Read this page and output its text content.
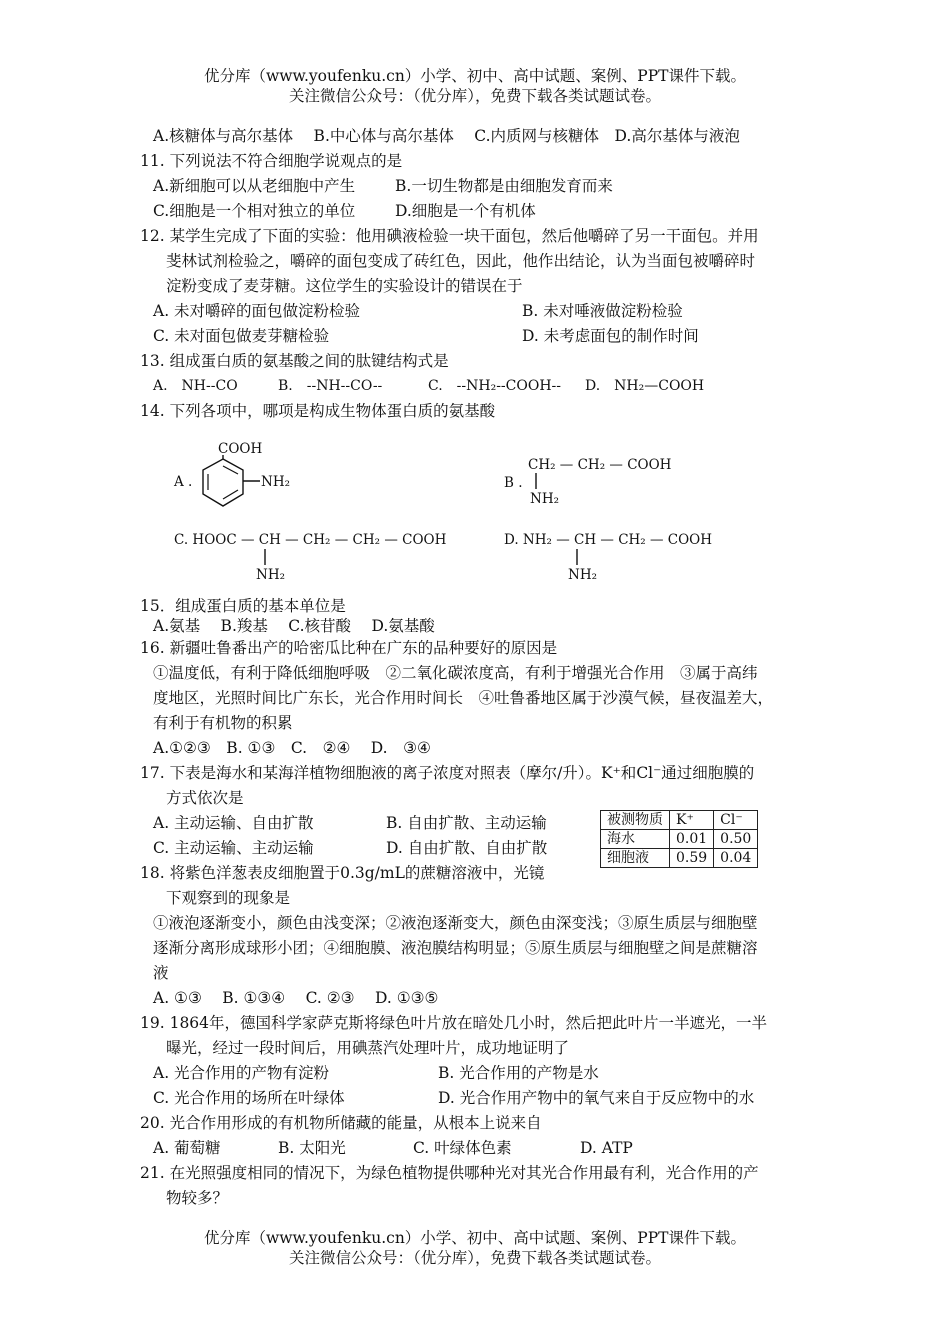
优分库（www.youfenku.cn）小学、初中、高中试题、案例、PPT课件下载。
关注微信公众号：（优分库），免费下载各类试题试卷。
A.核糖体与高尔基体　 B.中心体与高尔基体　 C.内质网与核糖体　D.高尔基体与液泡
11. 下列说法不符合细胞学说观点的是
A.新细胞可以从老细胞中产生	B.一切生物都是由细胞发育而来
C.细胞是一个相对独立的单位	D.细胞是一个有机体
12. 某学生完成了下面的实验：他用碘液检验一块干面包，然后他嚼碎了另一干面包。并用
斐林试剂检验之，嚼碎的面包变成了砖红色，因此，他作出结论，认为当面包被嚼碎时
淀粉变成了麦芽糖。这位学生的实验设计的错误在于
A. 未对嚼碎的面包做淀粉检验	B. 未对唾液做淀粉检验
C. 未对面包做麦芽糖检验	D. 未考虑面包的制作时间
13. 组成蛋白质的氨基酸之间的肽键结构式是
A.　NH--CO	B.　--NH--CO--	C.　--NH₂--COOH-- D.　NH₂—COOH
14. 下列各项中，哪项是构成生物体蛋白质的氨基酸
A .
COOH
NH₂	B .
CH₂ — CH₂ — COOH
NH₂
C. HOOC — CH — CH₂ — CH₂ — COOH
NH₂
D. NH₂ — CH — CH₂ — COOH
NH₂
15．组成蛋白质的基本单位是
A.氨基　 B.羧基　 C.核苷酸　 D.氨基酸
16. 新疆吐鲁番出产的哈密瓜比种在广东的品种要好的原因是
①温度低，有利于降低细胞呼吸　②二氧化碳浓度高，有利于增强光合作用　③属于高纬
度地区，光照时间比广东长，光合作用时间长　④吐鲁番地区属于沙漠气候，昼夜温差大，
有利于有机物的积累
A.①②③　B. ①③　C.　②④　 D.　③④
17. 下表是海水和某海洋植物细胞液的离子浓度对照表（摩尔/升）。K⁺和Cl⁻通过细胞膜的
方式依次是
A. 主动运输、自由扩散	B. 自由扩散、主动运输
C. 主动运输、主动运输	D. 自由扩散、自由扩散
被测物质	K⁺	Cl⁻
海水	0.01	0.50
细胞液	0.59	0.04
18. 将紫色洋葱表皮细胞置于0.3g/mL的蔗糖溶液中，光镜
下观察到的现象是
①液泡逐渐变小，颜色由浅变深；②液泡逐渐变大，颜色由深变浅；③原生质层与细胞壁
逐渐分离形成球形小团；④细胞膜、液泡膜结构明显；⑤原生质层与细胞壁之间是蔗糖溶
液
A. ①③　 B. ①③④　 C. ②③　 D. ①③⑤
19. 1864年，德国科学家萨克斯将绿色叶片放在暗处几小时，然后把此叶片一半遮光，一半
曝光，经过一段时间后，用碘蒸汽处理叶片，成功地证明了
A. 光合作用的产物有淀粉	B. 光合作用的产物是水
C. 光合作用的场所在叶绿体	D. 光合作用产物中的氧气来自于反应物中的水
20. 光合作用形成的有机物所储藏的能量，从根本上说来自
A. 葡萄糖	B. 太阳光	C. 叶绿体色素	D. ATP
21. 在光照强度相同的情况下，为绿色植物提供哪种光对其光合作用最有利，光合作用的产
物较多？
优分库（www.youfenku.cn）小学、初中、高中试题、案例、PPT课件下载。
关注微信公众号：（优分库），免费下载各类试题试卷。
